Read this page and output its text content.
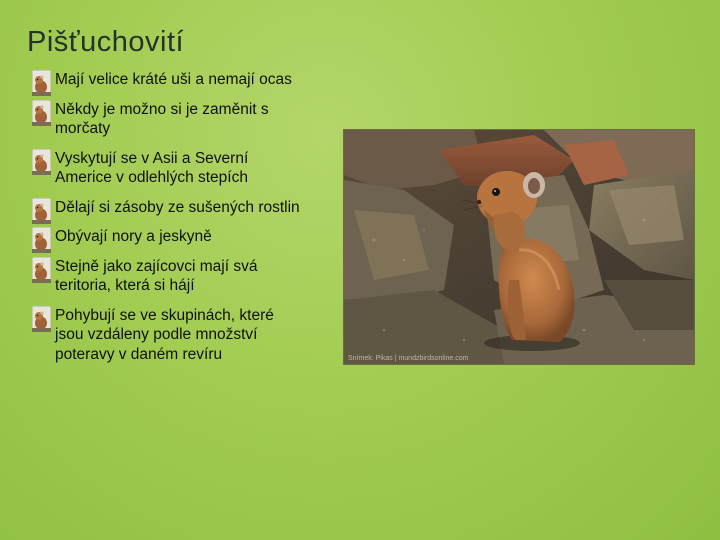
Pišťuchovití
Mají velice kráté uši a nemají ocas
Někdy je možno si je zaměnit s morčaty
Vyskytují se v Asii a Severní Americe v odlehlých stepích
Dělají si zásoby ze sušených rostlin
Obývají nory a jeskyně
Stejně jako zajícovci mají svá teritoria, která si hájí
Pohybují se ve skupinách, které jsou vzdáleny podle množství poteravy v daném revíru	Snímek: Pikas | mundzbirdsonline.com
